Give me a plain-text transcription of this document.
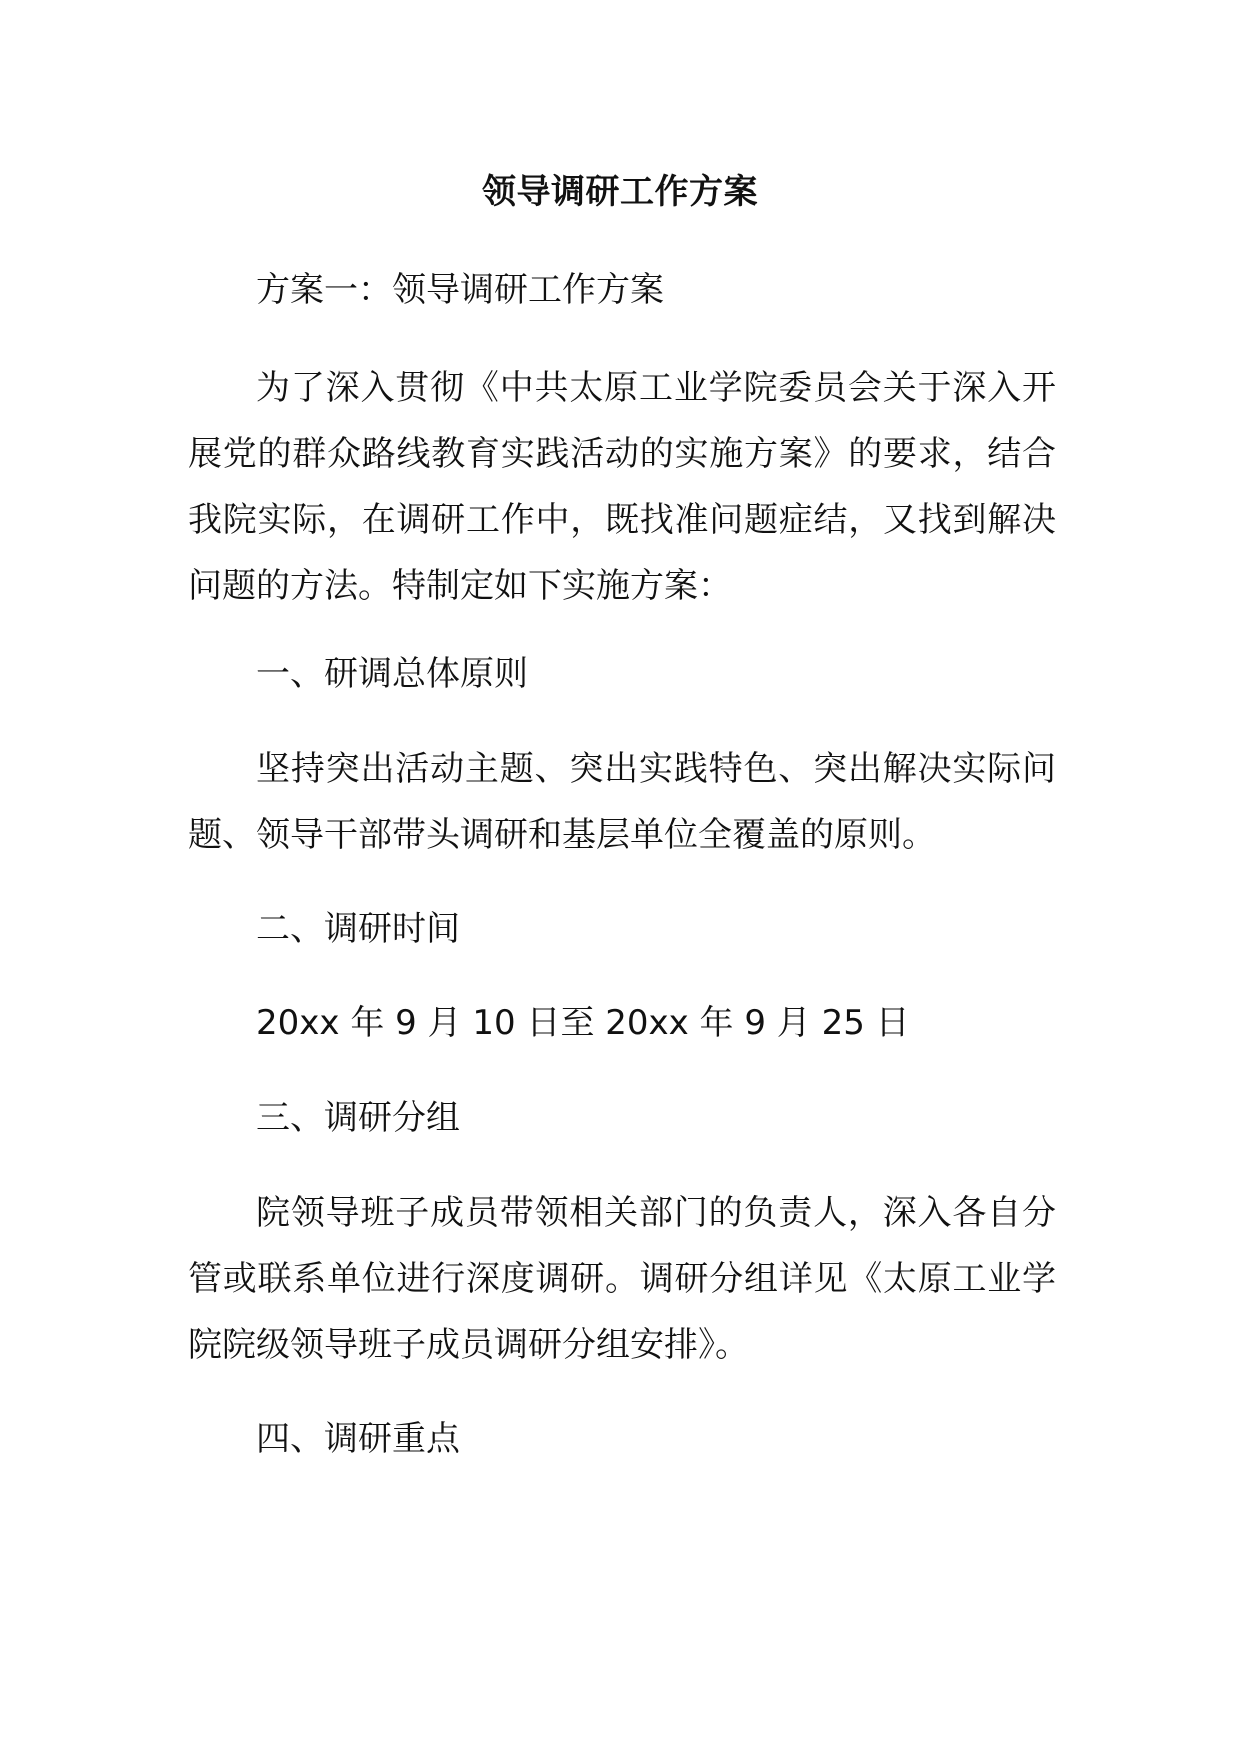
领导调研工作方案

方案一：领导调研工作方案

为了深入贯彻《中共太原工业学院委员会关于深入开展党的群众路线教育实践活动的实施方案》的要求，结合我院实际，在调研工作中，既找准问题症结，又找到解决问题的方法。特制定如下实施方案：

一、研调总体原则

坚持突出活动主题、突出实践特色、突出解决实际问题、领导干部带头调研和基层单位全覆盖的原则。

二、调研时间

20xx 年 9 月 10 日至 20xx 年 9 月 25 日

三、调研分组

院领导班子成员带领相关部门的负责人，深入各自分管或联系单位进行深度调研。调研分组详见《太原工业学院院级领导班子成员调研分组安排》。

四、调研重点
